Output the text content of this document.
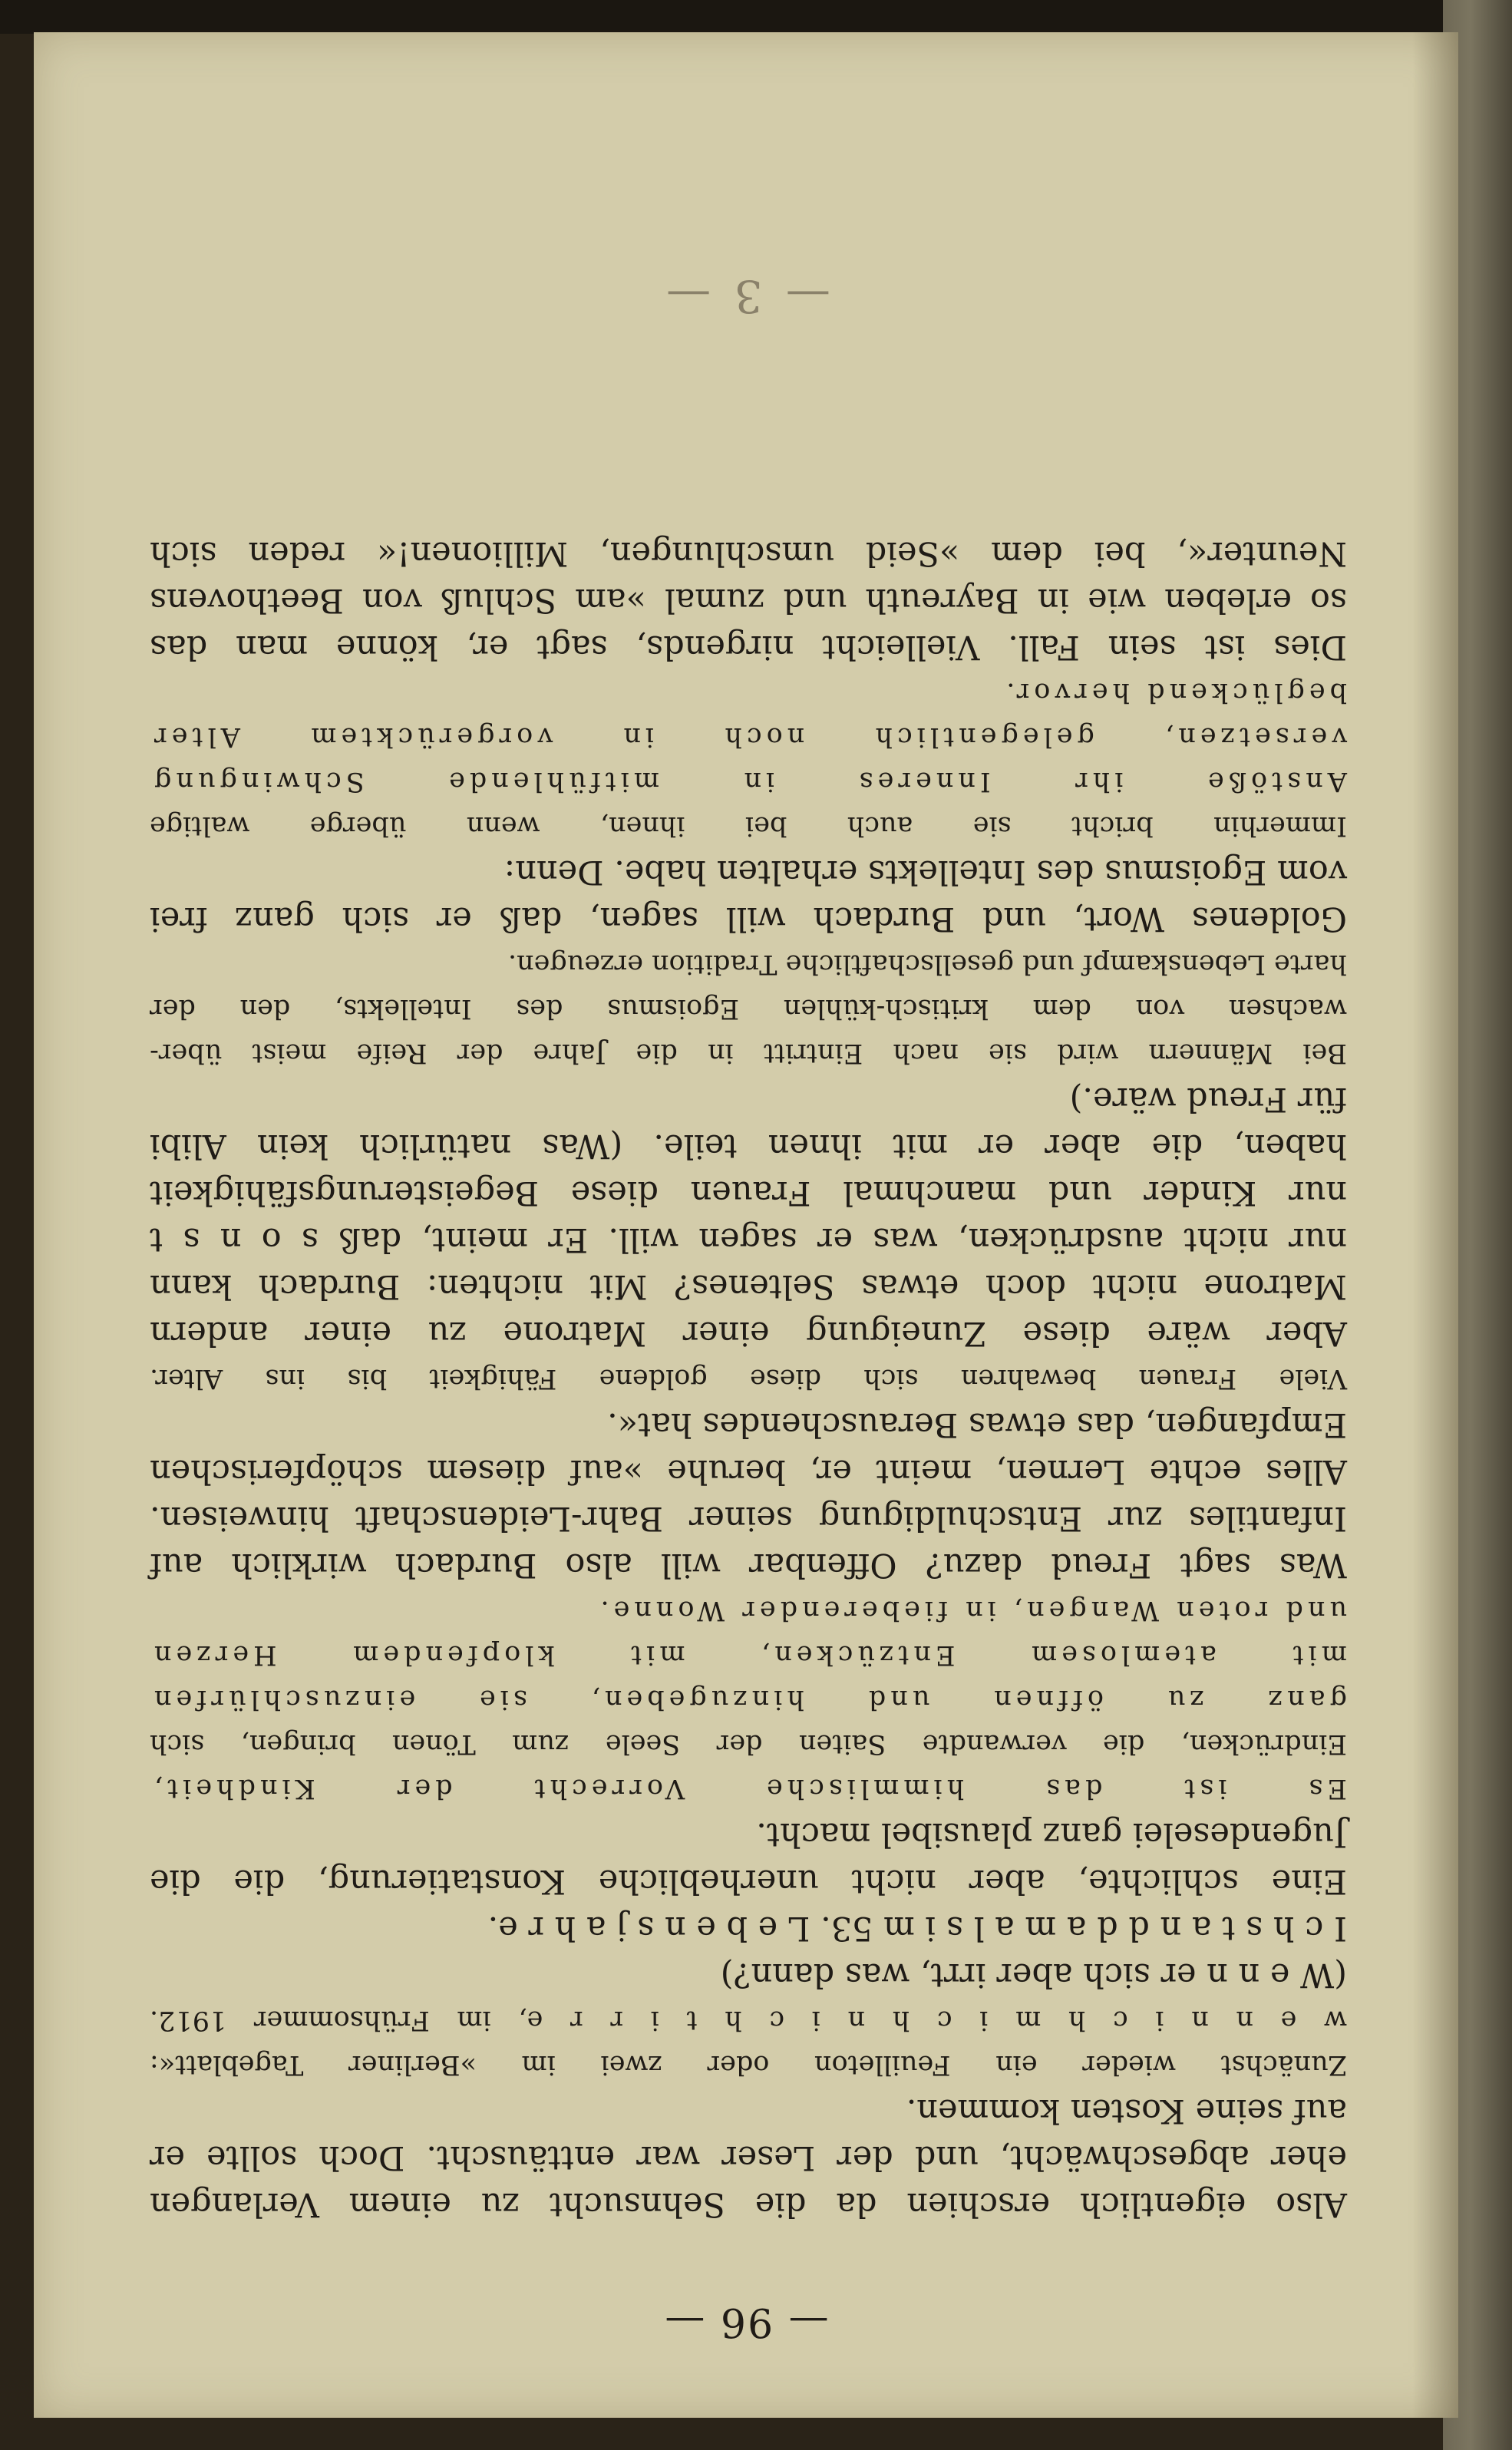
— 96 —
Also eigentlich erschien da die Sehnsucht zu einem Verlangen
eher abgeschwächt, und der Leser war enttäuscht. Doch sollte er
auf seine Kosten kommen.
Zunächst wieder ein Feuilleton oder zwei im »Berliner Tageblatt«:
w e n n i c h m i c h n i c h t i r r e, im Frühsommer 1912.
(W e n n er sich aber irrt, was dann?)
I c h s t a n d d a m a l s i m 53. L e b e n s j a h r e.
Eine schlichte, aber nicht unerhebliche Konstatierung, die die
Jugendeselei ganz plausibel macht.
Es ist das himmlische Vorrecht der Kindheit,
Eindrücken, die verwandte Saiten der Seele zum Tönen bringen, sich
ganz zu öffnen und hinzugeben, sie einzuschlürfen
mit atemlosem Entzücken, mit klopfendem Herzen
und roten Wangen, in fieberender Wonne.
Was sagt Freud dazu? Offenbar will also Burdach wirklich auf
Infantiles zur Entschuldigung seiner Bahr-Leidenschaft hinweisen.
Alles echte Lernen, meint er, beruhe »auf diesem schöpferischen
Empfangen, das etwas Berauschendes hat«.
Viele Frauen bewahren sich diese goldene Fähigkeit bis ins Alter.
Aber wäre diese Zuneigung einer Matrone zu einer andern
Matrone nicht doch etwas Seltenes? Mit nichten: Burdach kann
nur nicht ausdrücken, was er sagen will. Er meint, daß s o n s t
nur Kinder und manchmal Frauen diese Begeisterungsfähigkeit
haben, die aber er mit ihnen teile. (Was natürlich kein Alibi
für Freud wäre.)
Bei Männern wird sie nach Eintritt in die Jahre der Reife meist über-
wachsen von dem kritisch-kühlen Egoismus des Intellekts, den der
harte Lebenskampf und gesellschaftliche Tradition erzeugen.
Goldenes Wort, und Burdach will sagen, daß er sich ganz frei
vom Egoismus des Intellekts erhalten habe. Denn:
Immerhin bricht sie auch bei ihnen, wenn überge waltige
Anstöße ihr Inneres in mitfühlende Schwingung
versetzen, gelegentlich noch in vorgerücktem Alter
beglückend hervor.
Dies ist sein Fall. Vielleicht nirgends, sagt er, könne man das
so erleben wie in Bayreuth und zumal »am Schluß von Beethovens
Neunter«, bei dem »Seid umschlungen, Millionen!« reden sich
— 3 —
